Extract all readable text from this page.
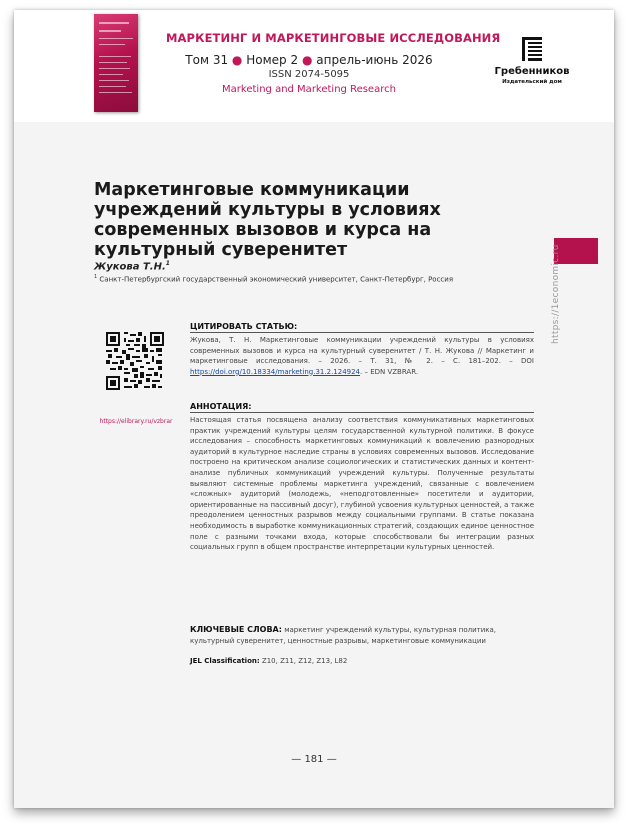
МАРКЕТИНГ И МАРКЕТИНГОВЫЕ ИССЛЕДОВАНИЯ
Том 31 ● Номер 2 ● апрель-июнь 2026
ISSN 2074-5095
Marketing and Marketing Research
Гребенников
Издательский дом
Маркетинговые коммуникации учреждений культуры в условиях современных вызовов и курса на культурный суверенитет
Жукова Т.Н.$^1$
$^1$ Санкт-Петербургский государственный экономический университет, Санкт-Петербург, Россия	https://1economic.ru
https://elibrary.ru/vzbrar
ЦИТИРОВАТЬ СТАТЬЮ:
Жукова, Т. Н. Маркетинговые коммуникации учреждений культуры в условиях современных вызовов и курса на культурный суверенитет / Т. Н. Жукова // Маркетинг и маркетинговые исследования. – 2026. – Т. 31, № 2. – С. 181–202. – DOI https://doi.org/10.18334/marketing.31.2.124924. – EDN VZBRAR.
АННОТАЦИЯ:
Настоящая статья посвящена анализу соответствия коммуникативных маркетинговых практик учреждений культуры целям государственной культурной политики. В фокусе исследования – способность маркетинговых коммуникаций к вовлечению разнородных аудиторий в культурное наследие страны в условиях современных вызовов. Исследование построено на критическом анализе социологических и статистических данных и контент-анализе публичных коммуникаций учреждений культуры. Полученные результаты выявляют системные проблемы маркетинга учреждений, связанные с вовлечением «сложных» аудиторий (молодежь, «неподготовленные» посетители и аудитории, ориентированные на пассивный досуг), глубиной усвоения культурных ценностей, а также преодолением ценностных разрывов между социальными группами. В статье показана необходимость в выработке коммуникационных стратегий, создающих единое ценностное поле с разными точками входа, которые способствовали бы интеграции разных социальных групп в общем пространстве интерпретации культурных ценностей.
КЛЮЧЕВЫЕ СЛОВА: маркетинг учреждений культуры, культурная политика, культурный суверенитет, ценностные разрывы, маркетинговые коммуникации
JEL Classification: Z10, Z11, Z12, Z13, L82
— 181 —
